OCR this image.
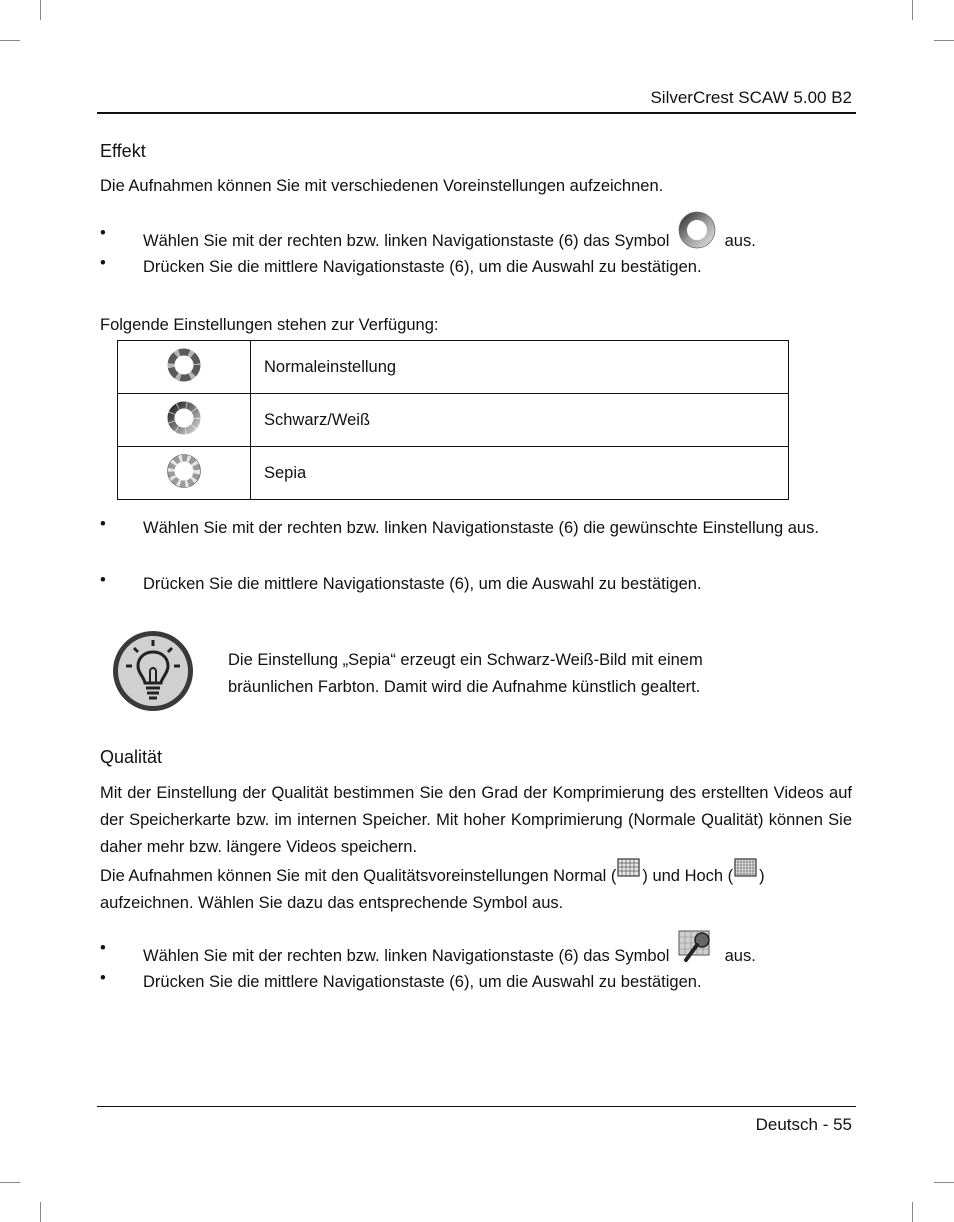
SilverCrest SCAW 5.00 B2
Effekt
Die Aufnahmen können Sie mit verschiedenen Voreinstellungen aufzeichnen.
•	Wählen Sie mit der rechten bzw. linken Navigationstaste (6) das Symbol	aus.
•	Drücken Sie die mittlere Navigationstaste (6), um die Auswahl zu bestätigen.
Folgende Einstellungen stehen zur Verfügung:
	Normaleinstellung
	Schwarz/Weiß
	Sepia
•	Wählen Sie mit der rechten bzw. linken Navigationstaste (6) die gewünschte Einstellung aus.
•	Drücken Sie die mittlere Navigationstaste (6), um die Auswahl zu bestätigen.
Die Einstellung „Sepia“ erzeugt ein Schwarz-Weiß-Bild mit einem
bräunlichen Farbton. Damit wird die Aufnahme künstlich gealtert.
Qualität
Mit der Einstellung der Qualität bestimmen Sie den Grad der Komprimierung des erstellten Videos auf der Speicherkarte bzw. im internen Speicher. Mit hoher Komprimierung (Normale Qualität) können Sie daher mehr bzw. längere Videos speichern.
Die Aufnahmen können Sie mit den Qualitätsvoreinstellungen Normal ( ) und Hoch ( )
aufzeichnen. Wählen Sie dazu das entsprechende Symbol aus.
•	Wählen Sie mit der rechten bzw. linken Navigationstaste (6) das Symbol	aus.
•	Drücken Sie die mittlere Navigationstaste (6), um die Auswahl zu bestätigen.
Deutsch - 55
